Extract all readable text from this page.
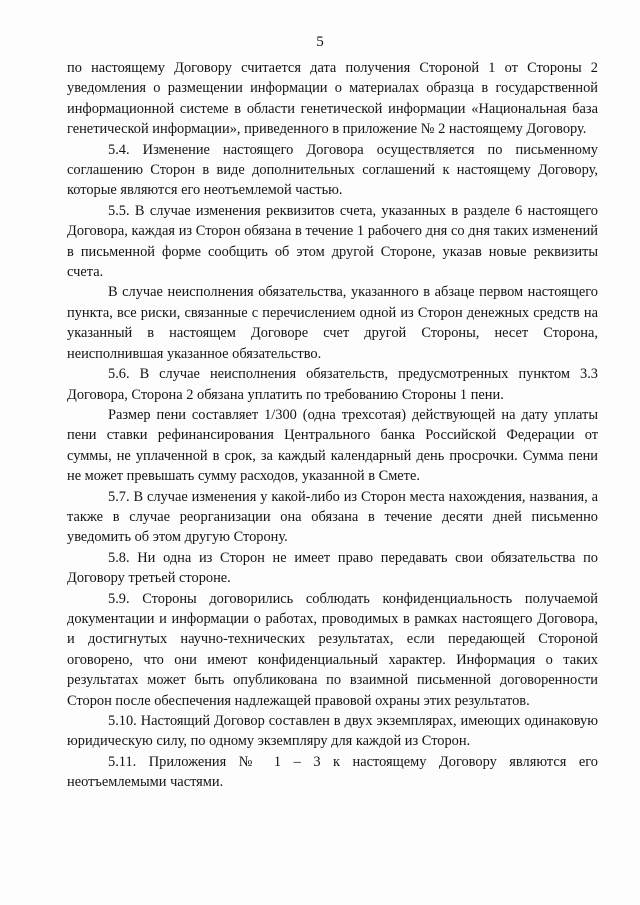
5

по настоящему Договору считается дата получения Стороной 1 от Стороны 2 уведомления о размещении информации о материалах образца в государственной информационной системе в области генетической информации «Национальная база генетической информации», приведенного в приложение № 2 настоящему Договору.

5.4. Изменение настоящего Договора осуществляется по письменному соглашению Сторон в виде дополнительных соглашений к настоящему Договору, которые являются его неотъемлемой частью.

5.5. В случае изменения реквизитов счета, указанных в разделе 6 настоящего Договора, каждая из Сторон обязана в течение 1 рабочего дня со дня таких изменений в письменной форме сообщить об этом другой Стороне, указав новые реквизиты счета.

В случае неисполнения обязательства, указанного в абзаце первом настоящего пункта, все риски, связанные с перечислением одной из Сторон денежных средств на указанный в настоящем Договоре счет другой Стороны, несет Сторона, неисполнившая указанное обязательство.

5.6. В случае неисполнения обязательств, предусмотренных пунктом 3.3 Договора, Сторона 2 обязана уплатить по требованию Стороны 1 пени.

Размер пени составляет 1/300 (одна трехсотая) действующей на дату уплаты пени ставки рефинансирования Центрального банка Российской Федерации от суммы, не уплаченной в срок, за каждый календарный день просрочки. Сумма пени не может превышать сумму расходов, указанной в Смете.

5.7. В случае изменения у какой-либо из Сторон места нахождения, названия, а также в случае реорганизации она обязана в течение десяти дней письменно уведомить об этом другую Сторону.

5.8. Ни одна из Сторон не имеет право передавать свои обязательства по Договору третьей стороне.

5.9. Стороны договорились соблюдать конфиденциальность получаемой документации и информации о работах, проводимых в рамках настоящего Договора, и достигнутых научно-технических результатах, если передающей Стороной оговорено, что они имеют конфиденциальный характер. Информация о таких результатах может быть опубликована по взаимной письменной договоренности Сторон после обеспечения надлежащей правовой охраны этих результатов.

5.10. Настоящий Договор составлен в двух экземплярах, имеющих одинаковую юридическую силу, по одному экземпляру для каждой из Сторон.

5.11. Приложения № 1 – 3 к настоящему Договору являются его неотъемлемыми частями.
